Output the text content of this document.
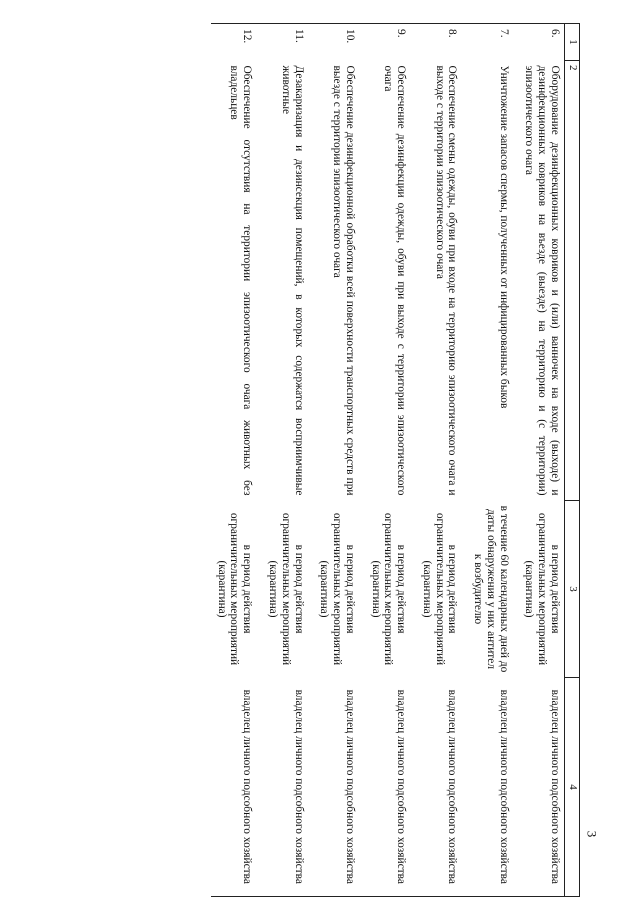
3
1	2	3	4
6.	Оборудование дезинфекционных ковриков и (или) ванночек на входе (выходе) и дезинфекционных ковриков на въезде (выезде) на территорию и (с территории) эпизоотического очага	в период действия ограничительных мероприятий (карантина)	владелец личного подсобного хозяйства
7.	Уничтожение запасов спермы, полученных от инфицированных быков	в течение 60 календарных дней до даты обнаружения у них антител к возбудителю	владелец личного подсобного хозяйства
8.	Обеспечение смены одежды, обуви при входе на территорию эпизоотического очага и выходе с территории эпизоотического очага	в период действия ограничительных мероприятий (карантина)	владелец личного подсобного хозяйства
9.	Обеспечение дезинфекции одежды, обуви при выходе с территории эпизоотического очага	в период действия ограничительных мероприятий (карантина)	владелец личного подсобного хозяйства
10.	Обеспечение дезинфекционной обработки всей поверхности транспортных средств при выезде с территории эпизоотического очага	в период действия ограничительных мероприятий (карантина)	владелец личного подсобного хозяйства
11.	Дезакаризация и дезинсекция помещений, в которых содержатся восприимчивые животные	в период действия ограничительных мероприятий (карантина)	владелец личного подсобного хозяйства
12.	Обеспечение отсутствия на территории эпизоотического очага животных без владельцев	в период действия ограничительных мероприятий (карантина)	владелец личного подсобного хозяйства
